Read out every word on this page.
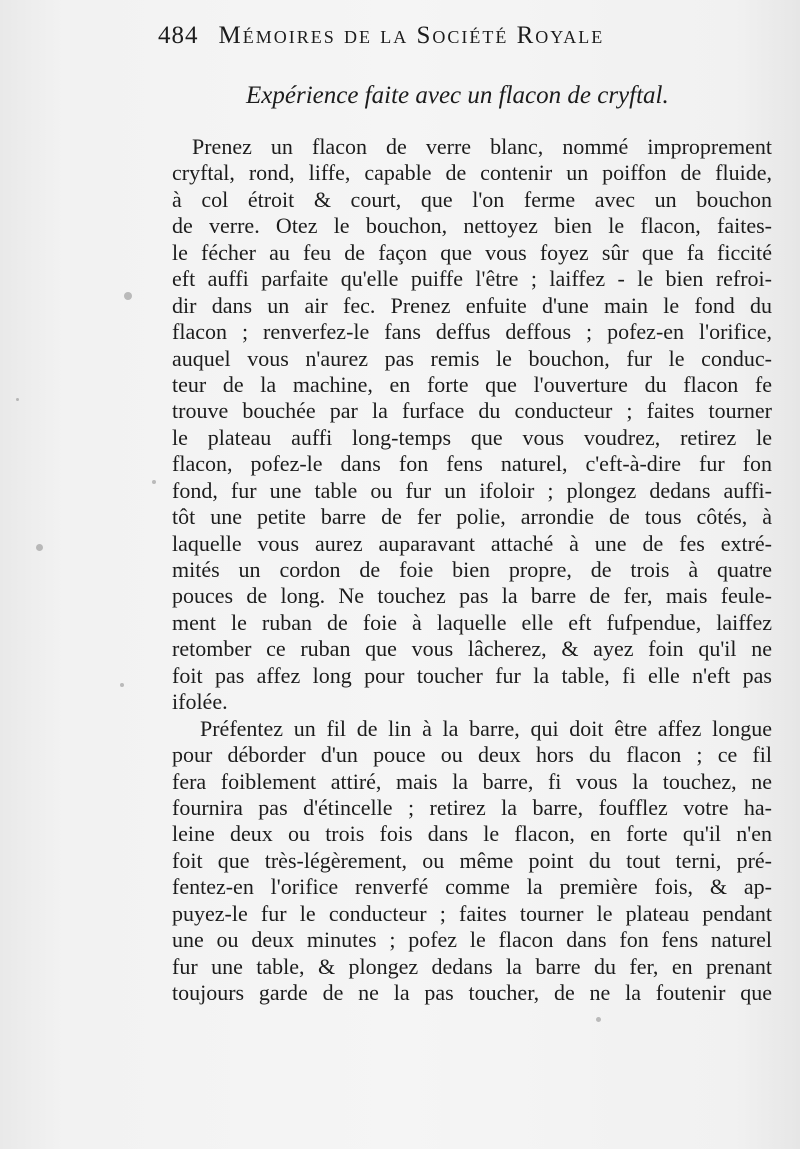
484 Mémoires de la Société Royale
Expérience faite avec un flacon de cryftal.
Prenez un flacon de verre blanc, nommé improprement
cryftal, rond, liffe, capable de contenir un poiffon de fluide,
à col étroit & court, que l'on ferme avec un bouchon
de verre. Otez le bouchon, nettoyez bien le flacon, faites-
le fécher au feu de façon que vous foyez sûr que fa ficcité
eft auffi parfaite qu'elle puiffe l'être ; laiffez - le bien refroi-
dir dans un air fec. Prenez enfuite d'une main le fond du
flacon ; renverfez-le fans deffus deffous ; pofez-en l'orifice,
auquel vous n'aurez pas remis le bouchon, fur le conduc-
teur de la machine, en forte que l'ouverture du flacon fe
trouve bouchée par la furface du conducteur ; faites tourner
le plateau auffi long-temps que vous voudrez, retirez le
flacon, pofez-le dans fon fens naturel, c'eft-à-dire fur fon
fond, fur une table ou fur un ifoloir ; plongez dedans auffi-
tôt une petite barre de fer polie, arrondie de tous côtés, à
laquelle vous aurez auparavant attaché à une de fes extré-
mités un cordon de foie bien propre, de trois à quatre
pouces de long. Ne touchez pas la barre de fer, mais feule-
ment le ruban de foie à laquelle elle eft fufpendue, laiffez
retomber ce ruban que vous lâcherez, & ayez foin qu'il ne
foit pas affez long pour toucher fur la table, fi elle n'eft pas
ifolée.
Préfentez un fil de lin à la barre, qui doit être affez longue
pour déborder d'un pouce ou deux hors du flacon ; ce fil
fera foiblement attiré, mais la barre, fi vous la touchez, ne
fournira pas d'étincelle ; retirez la barre, foufflez votre ha-
leine deux ou trois fois dans le flacon, en forte qu'il n'en
foit que très-légèrement, ou même point du tout terni, pré-
fentez-en l'orifice renverfé comme la première fois, & ap-
puyez-le fur le conducteur ; faites tourner le plateau pendant
une ou deux minutes ; pofez le flacon dans fon fens naturel
fur une table, & plongez dedans la barre du fer, en prenant
toujours garde de ne la pas toucher, de ne la foutenir que
